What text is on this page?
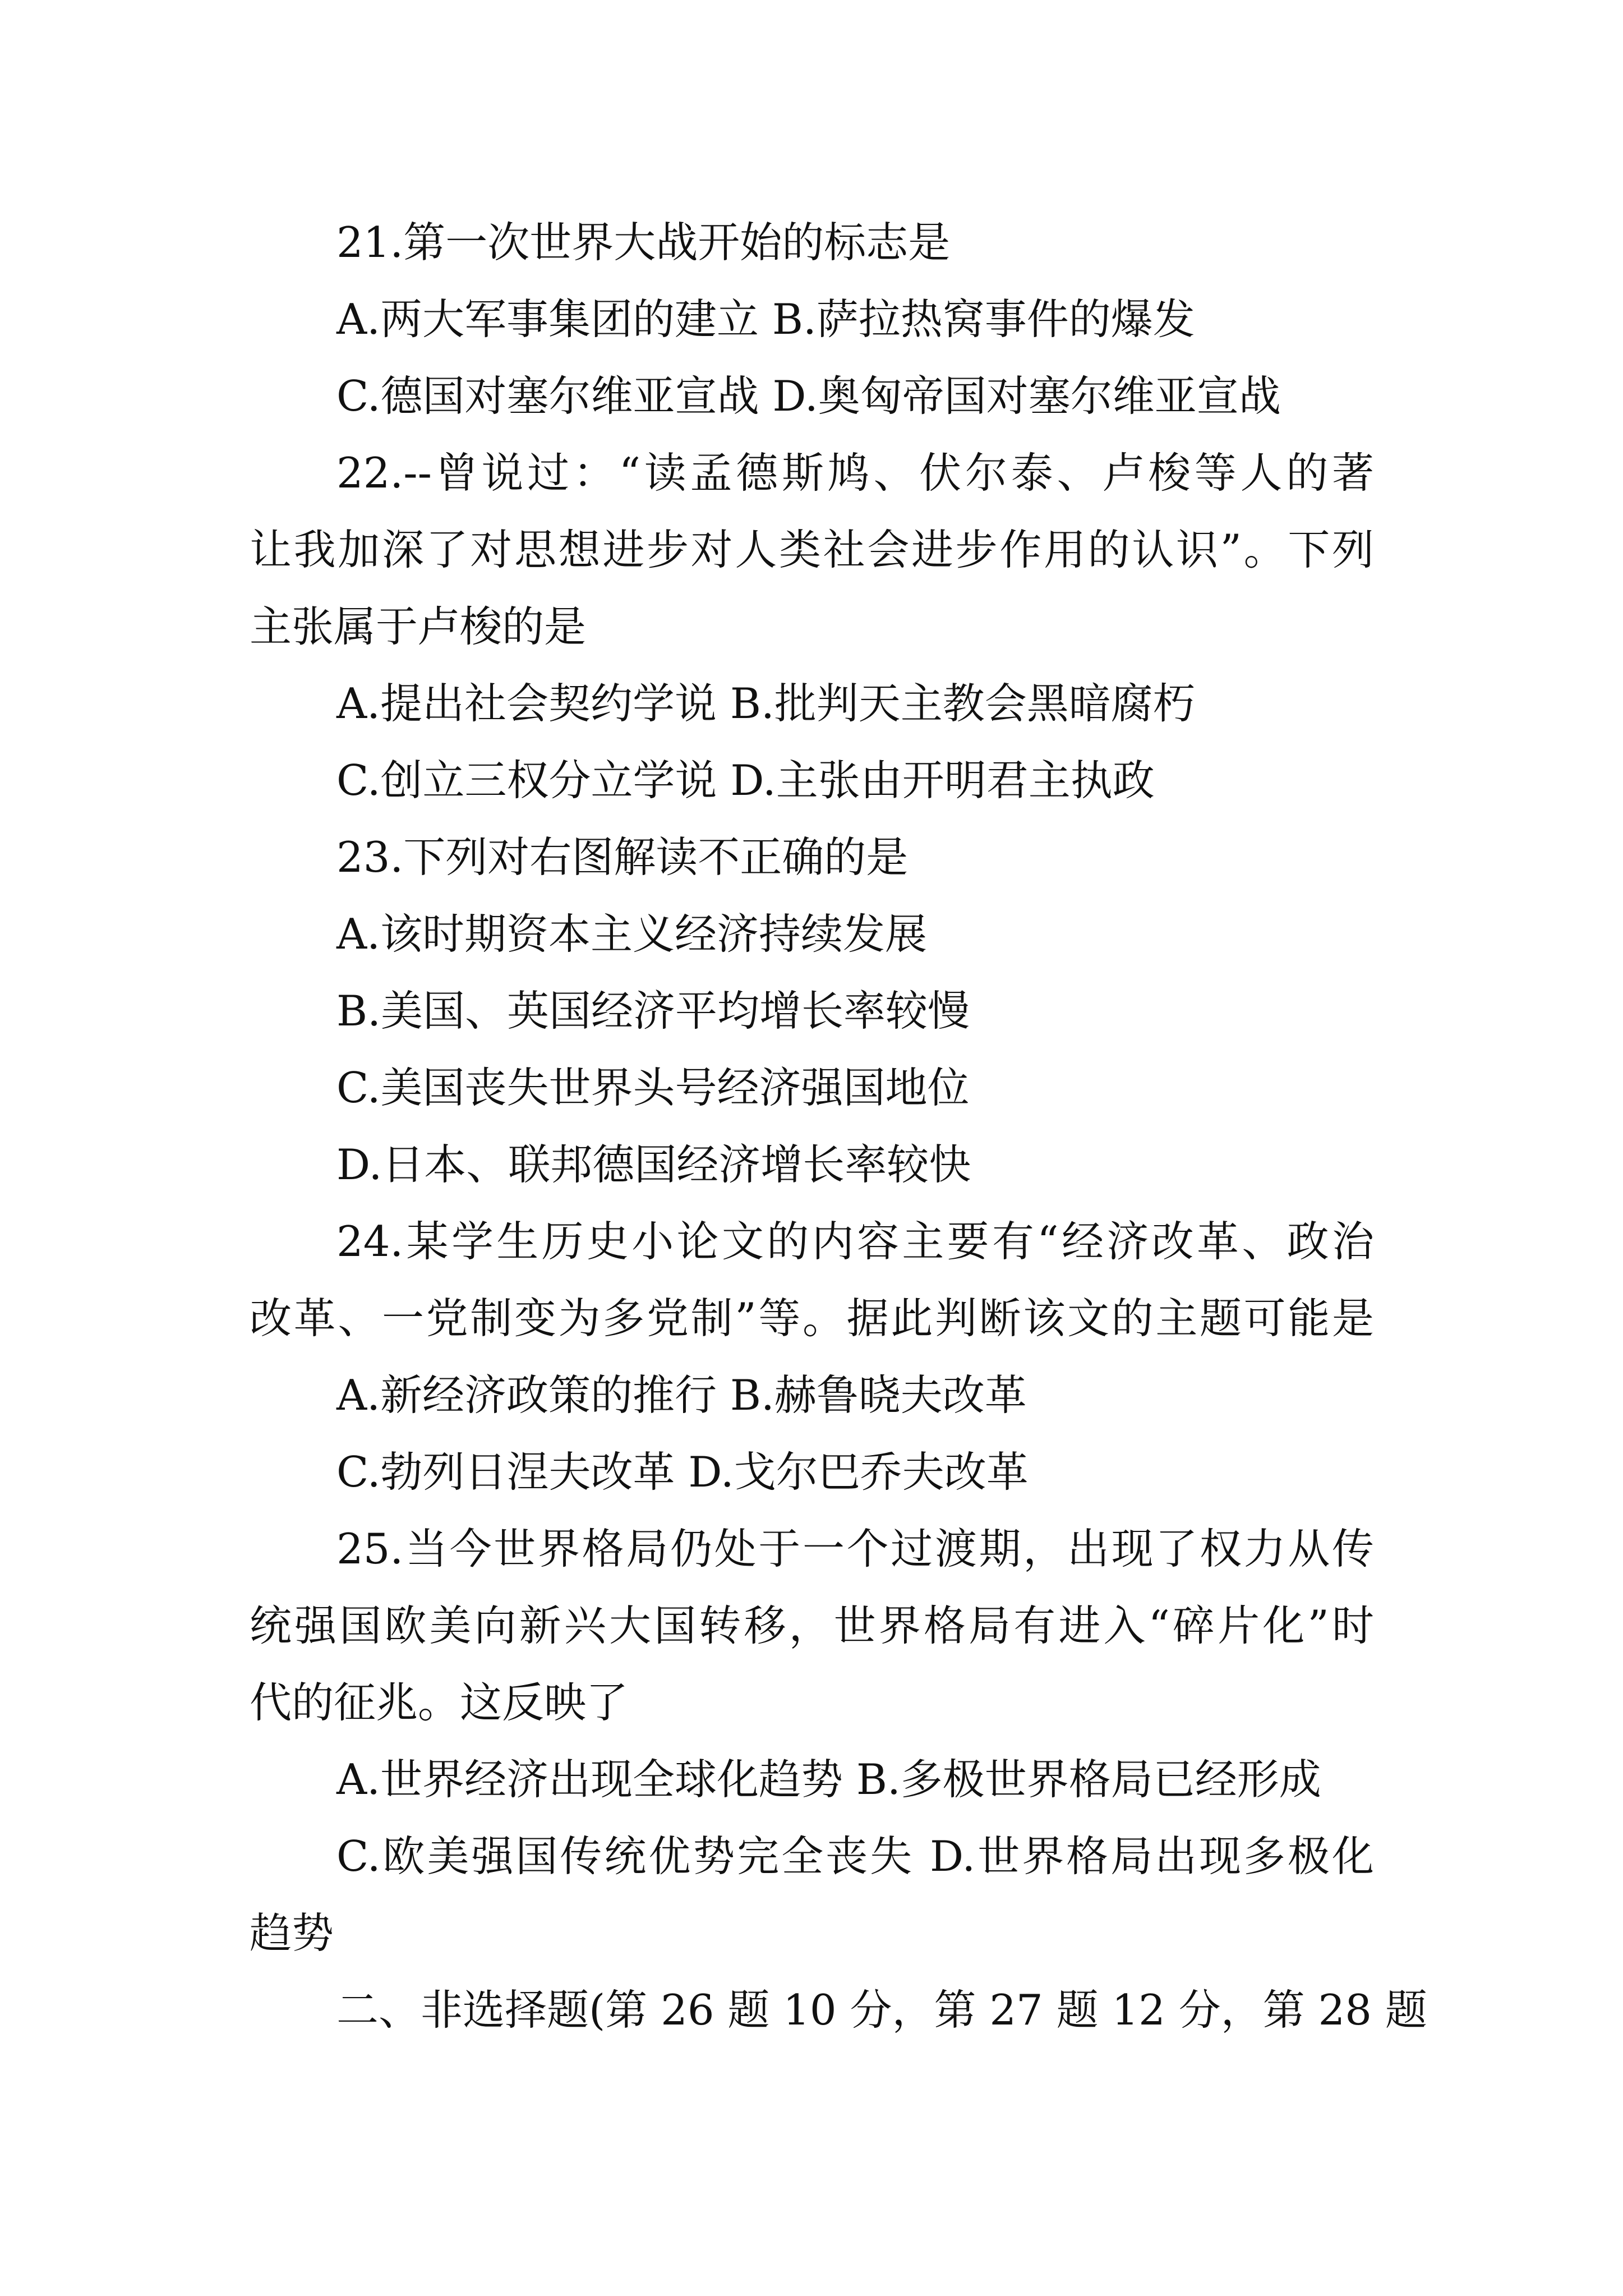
21.第一次世界大战开始的标志是
A.两大军事集团的建立 B.萨拉热窝事件的爆发
C.德国对塞尔维亚宣战 D.奥匈帝国对塞尔维亚宣战
22.--曾说过：“读孟德斯鸠、伏尔泰、卢梭等人的著
让我加深了对思想进步对人类社会进步作用的认识”。下列
主张属于卢梭的是
A.提出社会契约学说 B.批判天主教会黑暗腐朽
C.创立三权分立学说 D.主张由开明君主执政
23.下列对右图解读不正确的是
A.该时期资本主义经济持续发展
B.美国、英国经济平均增长率较慢
C.美国丧失世界头号经济强国地位
D.日本、联邦德国经济增长率较快
24.某学生历史小论文的内容主要有“经济改革、政治
改革、一党制变为多党制”等。据此判断该文的主题可能是
A.新经济政策的推行 B.赫鲁晓夫改革
C.勃列日涅夫改革 D.戈尔巴乔夫改革
25.当今世界格局仍处于一个过渡期，出现了权力从传
统强国欧美向新兴大国转移，世界格局有进入“碎片化”时
代的征兆。这反映了
A.世界经济出现全球化趋势 B.多极世界格局已经形成
C.欧美强国传统优势完全丧失 D.世界格局出现多极化
趋势
二、非选择题(第 26 题 10 分，第 27 题 12 分，第 28 题
